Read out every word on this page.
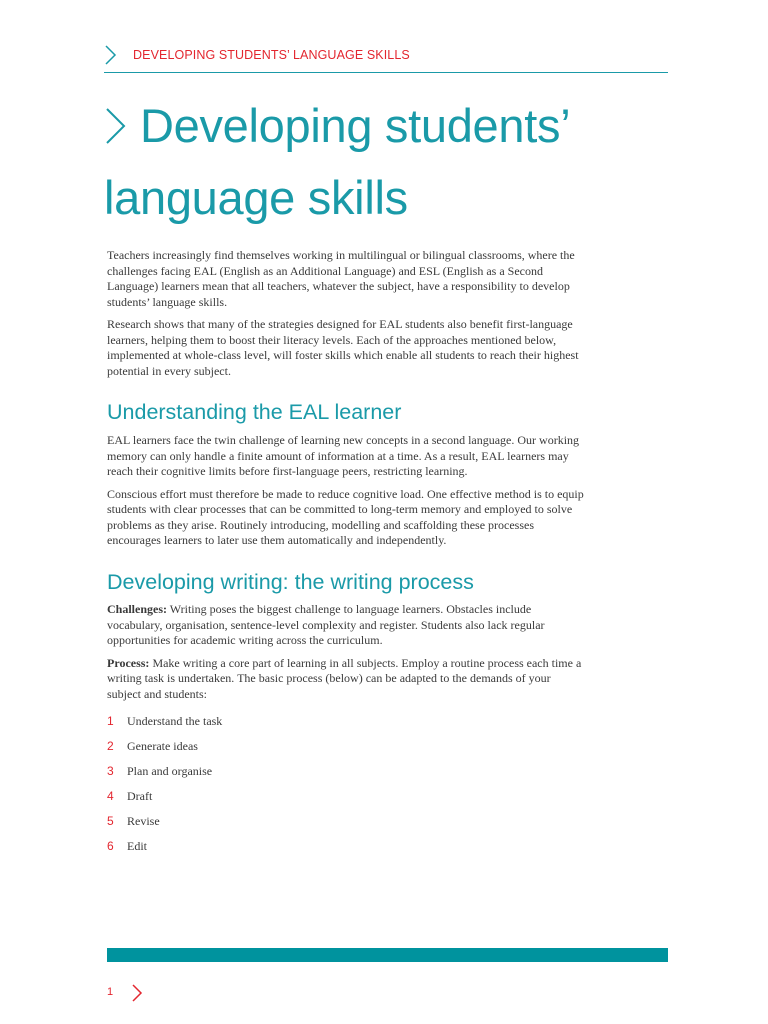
DEVELOPING STUDENTS’ LANGUAGE SKILLS
Developing students’
language skills

Teachers increasingly find themselves working in multilingual or bilingual classrooms, where the challenges facing EAL (English as an Additional Language) and ESL (English as a Second Language) learners mean that all teachers, whatever the subject, have a responsibility to develop students’ language skills.

Research shows that many of the strategies designed for EAL students also benefit first-language learners, helping them to boost their literacy levels. Each of the approaches mentioned below, implemented at whole-class level, will foster skills which enable all students to reach their highest potential in every subject.

Understanding the EAL learner

EAL learners face the twin challenge of learning new concepts in a second language. Our working memory can only handle a finite amount of information at a time. As a result, EAL learners may reach their cognitive limits before first-language peers, restricting learning.

Conscious effort must therefore be made to reduce cognitive load. One effective method is to equip students with clear processes that can be committed to long-term memory and employed to solve problems as they arise. Routinely introducing, modelling and scaffolding these processes encourages learners to later use them automatically and independently.

Developing writing: the writing process

Challenges: Writing poses the biggest challenge to language learners. Obstacles include vocabulary, organisation, sentence-level complexity and register. Students also lack regular opportunities for academic writing across the curriculum.

Process: Make writing a core part of learning in all subjects. Employ a routine process each time a writing task is undertaken. The basic process (below) can be adapted to the demands of your subject and students:

1	Understand the task
2	Generate ideas
3	Plan and organise
4	Draft
5	Revise
6	Edit
1
